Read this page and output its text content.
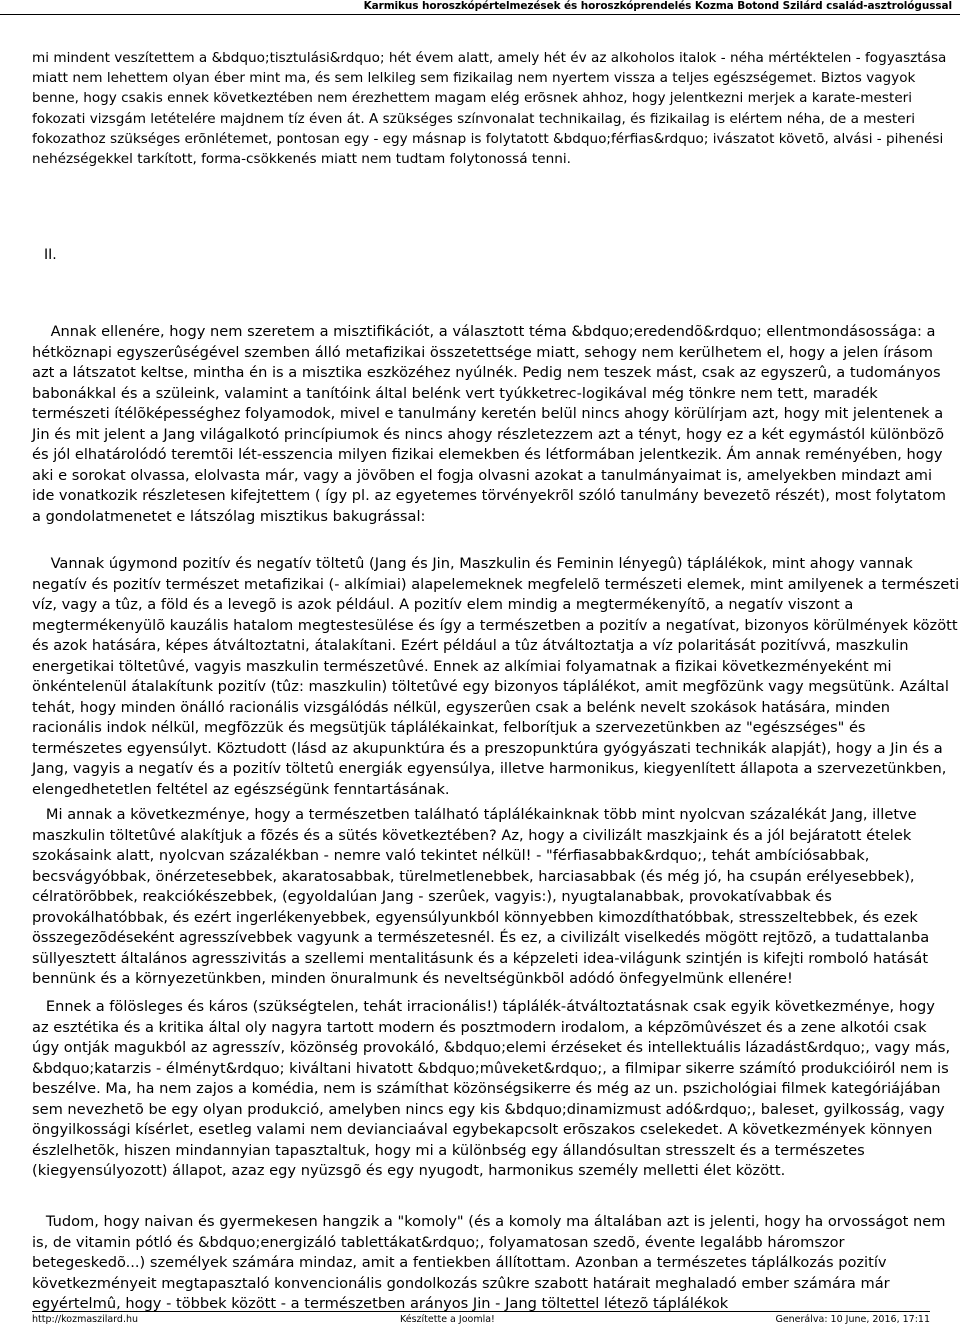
Karmikus horoszkópértelmezések és horoszkóprendelés Kozma Botond Szilárd család-asztrológussal

mi mindent veszítettem a &bdquo;tisztulási&rdquo; hét évem alatt, amely hét év az alkoholos italok - néha mértéktelen - fogyasztása miatt nem lehettem olyan éber mint ma, és sem lelkileg sem fizikailag nem nyertem vissza a teljes egészségemet. Biztos vagyok benne, hogy csakis ennek következtében nem érezhettem magam elég erõsnek ahhoz, hogy jelentkezni merjek a karate-mesteri fokozati vizsgám letételére majdnem tíz éven át. A szükséges színvonalat technikailag, és fizikailag is elértem néha, de a mesteri fokozathoz szükséges erõnlétemet, pontosan egy - egy másnap is folytatott &bdquo;férfias&rdquo; ivászatot követõ, alvási - pihenési nehézségekkel tarkított, forma-csökkenés miatt nem tudtam folytonossá tenni.

II.

Annak ellenére, hogy nem szeretem a misztifikációt, a választott téma &bdquo;eredendõ&rdquo; ellentmondásossága: a hétköznapi egyszerûségével szemben álló metafizikai összetettsége miatt, sehogy nem kerülhetem el, hogy a jelen írásom azt a látszatot keltse, mintha én is a misztika eszközéhez nyúlnék. Pedig nem teszek mást, csak az egyszerû, a tudományos babonákkal és a szüleink, valamint a tanítóink által belénk vert tyúkketrec-logikával még tönkre nem tett, maradék természeti ítélõképességhez folyamodok, mivel e tanulmány keretén belül nincs ahogy körülírjam azt, hogy mit jelentenek a Jin és mit jelent a Jang világalkotó princípiumok és nincs ahogy részletezzem azt a tényt, hogy ez a két egymástól különbözõ és jól elhatárolódó teremtõi lét-esszencia milyen fizikai elemekben és létformában jelentkezik. Ám annak reményében, hogy aki e sorokat olvassa, elolvasta már, vagy a jövõben el fogja olvasni azokat a tanulmányaimat is, amelyekben mindazt ami ide vonatkozik részletesen kifejtettem ( így pl. az egyetemes törvényekrõl szóló tanulmány bevezetõ részét), most folytatom a gondolatmenetet e látszólag misztikus bakugrással:

Vannak úgymond pozitív és negatív töltetû (Jang és Jin, Maszkulin és Feminin lényegû) táplálékok, mint ahogy vannak negatív és pozitív természet metafizikai (- alkímiai) alapelemeknek megfelelõ természeti elemek, mint amilyenek a természeti víz, vagy a tûz, a föld és a levegõ is azok például. A pozitív elem mindig a megtermékenyítõ, a negatív viszont a megtermékenyülõ kauzális hatalom megtestesülése és így a természetben a pozitív a negatívat, bizonyos körülmények között és azok hatására, képes átváltoztatni, átalakítani. Ezért például a tûz átváltoztatja a víz polaritását pozitívvá, maszkulin energetikai töltetûvé, vagyis maszkulin természetûvé. Ennek az alkímiai folyamatnak a fizikai következményeként mi önkéntelenül átalakítunk pozitív (tûz: maszkulin) töltetûvé egy bizonyos táplálékot, amit megfõzünk vagy megsütünk. Azáltal tehát, hogy minden önálló racionális vizsgálódás nélkül, egyszerûen csak a belénk nevelt szokások hatására, minden racionális indok nélkül, megfõzzük és megsütjük táplálékainkat, felborítjuk a szervezetünkben az "egészséges" és természetes egyensúlyt. Köztudott (lásd az akupunktúra és a preszopunktúra gyógyászati technikák alapját), hogy a Jin és a Jang, vagyis a negatív és a pozitív töltetû energiák egyensúlya, illetve harmonikus, kiegyenlített állapota a szervezetünkben, elengedhetetlen feltétel az egészségünk fenntartásának.

Mi annak a következménye, hogy a természetben található táplálékainknak több mint nyolcvan százalékát Jang, illetve maszkulin töltetûvé alakítjuk a fõzés és a sütés következtében? Az, hogy a civilizált maszkjaink és a jól bejáratott ételek szokásaink alatt, nyolcvan százalékban - nemre való tekintet nélkül! - "férfiasabbak&rdquo;, tehát ambíciósabbak, becsvágyóbbak, önérzetesebbek, akaratosabbak, türelmetlenebbek, harciasabbak (és még jó, ha csupán erélyesebbek), célratörõbbek, reakciókészebbek, (egyoldalúan Jang - szerûek, vagyis:), nyugtalanabbak, provokatívabbak és provokálhatóbbak, és ezért ingerlékenyebbek, egyensúlyunkból könnyebben kimozdíthatóbbak, stresszeltebbek, és ezek összegezõdéseként agresszívebbek vagyunk a természetesnél. És ez, a civilizált viselkedés mögött rejtõzõ, a tudattalanba süllyesztett általános agresszivitás a szellemi mentalitásunk és a képzeleti idea-világunk szintjén is kifejti romboló hatását bennünk és a környezetünkben, minden önuralmunk és neveltségünkbõl adódó önfegyelmünk ellenére!

Ennek a fölösleges és káros (szükségtelen, tehát irracionális!) táplálék-átváltoztatásnak csak egyik következménye, hogy az esztétika és a kritika által oly nagyra tartott modern és posztmodern irodalom, a képzõmûvészet és a zene alkotói csak úgy ontják magukból az agresszív, közönség provokáló, &bdquo;elemi érzéseket és intellektuális lázadást&rdquo;, vagy más, &bdquo;katarzis - élményt&rdquo; kiváltani hivatott &bdquo;mûveket&rdquo;, a filmipar sikerre számító produkcióiról nem is beszélve. Ma, ha nem zajos a komédia, nem is számíthat közönségsikerre és még az un. pszichológiai filmek kategóriájában sem nevezhetõ be egy olyan produkció, amelyben nincs egy kis &bdquo;dinamizmust adó&rdquo;, baleset, gyilkosság, vagy öngyilkossági kísérlet, esetleg valami nem devianciaával egybekapcsolt erõszakos cselekedet. A következmények könnyen észlelhetõk, hiszen mindannyian tapasztaltuk, hogy mi a különbség egy állandósultan stresszelt és a természetes (kiegyensúlyozott) állapot, azaz egy nyüzsgõ és egy nyugodt, harmonikus személy melletti élet között.

Tudom, hogy naivan és gyermekesen hangzik a "komoly" (és a komoly ma általában azt is jelenti, hogy ha orvosságot nem is, de vitamin pótló és &bdquo;energizáló tablettákat&rdquo;, folyamatosan szedõ, évente legalább háromszor betegeskedõ...) személyek számára mindaz, amit a fentiekben állítottam. Azonban a természetes táplálkozás pozitív következményeit megtapasztaló konvencionális gondolkozás szûkre szabott határait meghaladó ember számára már egyértelmû, hogy - többek között - a természetben arányos Jin - Jang töltettel létezõ táplálékok

http://kozmaszilard.hu	Készítette a Joomla!	Generálva: 10 June, 2016, 17:11
